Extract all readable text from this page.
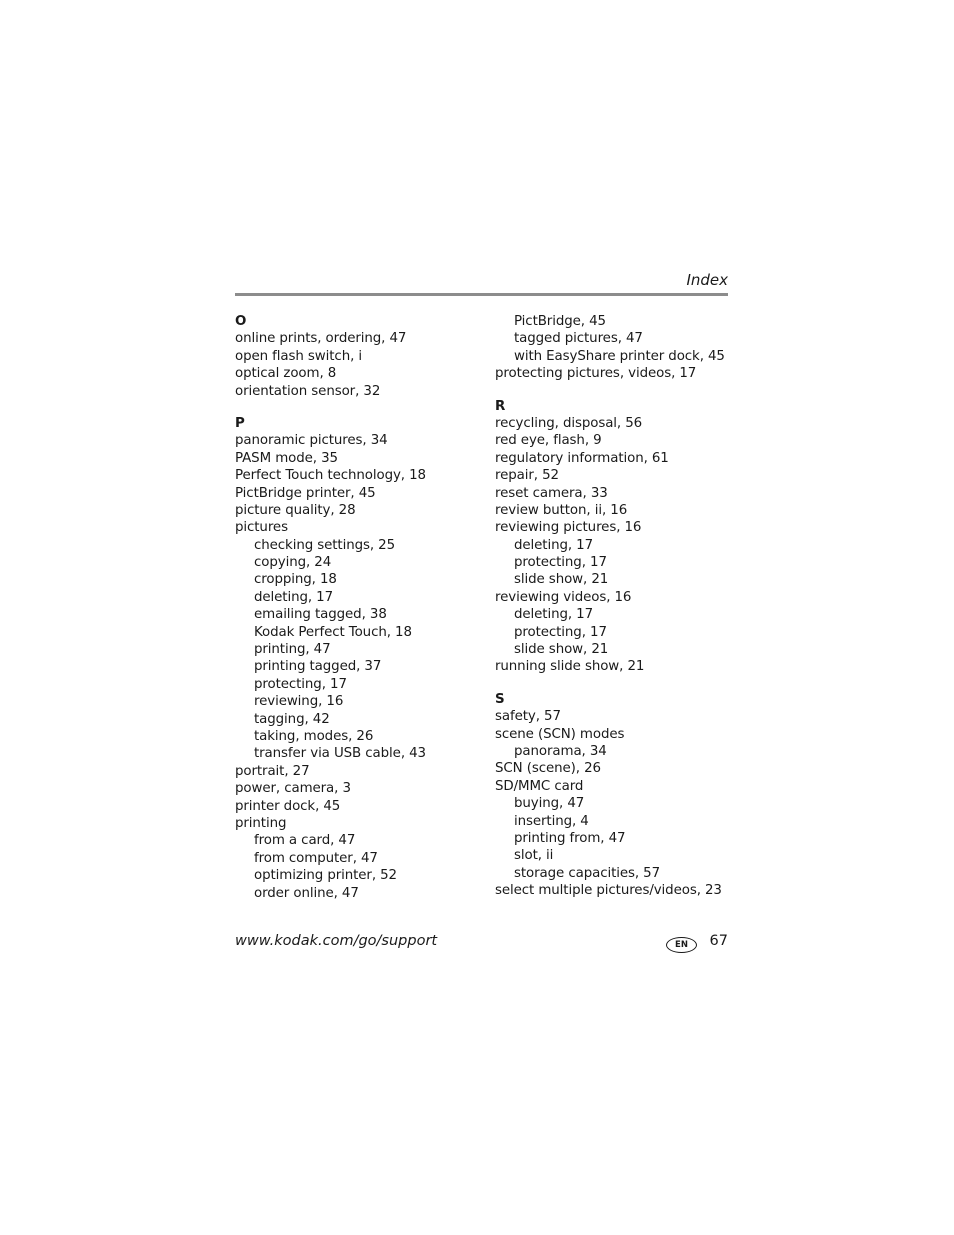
Index
O
online prints, ordering, 47
open flash switch, i
optical zoom, 8
orientation sensor, 32
P
panoramic pictures, 34
PASM mode, 35
Perfect Touch technology, 18
PictBridge printer, 45
picture quality, 28
pictures
checking settings, 25
copying, 24
cropping, 18
deleting, 17
emailing tagged, 38
Kodak Perfect Touch, 18
printing, 47
printing tagged, 37
protecting, 17
reviewing, 16
tagging, 42
taking, modes, 26
transfer via USB cable, 43
portrait, 27
power, camera, 3
printer dock, 45
printing
from a card, 47
from computer, 47
optimizing printer, 52
order online, 47
PictBridge, 45
tagged pictures, 47
with EasyShare printer dock, 45
protecting pictures, videos, 17
R
recycling, disposal, 56
red eye, flash, 9
regulatory information, 61
repair, 52
reset camera, 33
review button, ii, 16
reviewing pictures, 16
deleting, 17
protecting, 17
slide show, 21
reviewing videos, 16
deleting, 17
protecting, 17
slide show, 21
running slide show, 21
S
safety, 57
scene (SCN) modes
panorama, 34
SCN (scene), 26
SD/MMC card
buying, 47
inserting, 4
printing from, 47
slot, ii
storage capacities, 57
select multiple pictures/videos, 23
www.kodak.com/go/support	EN	67
